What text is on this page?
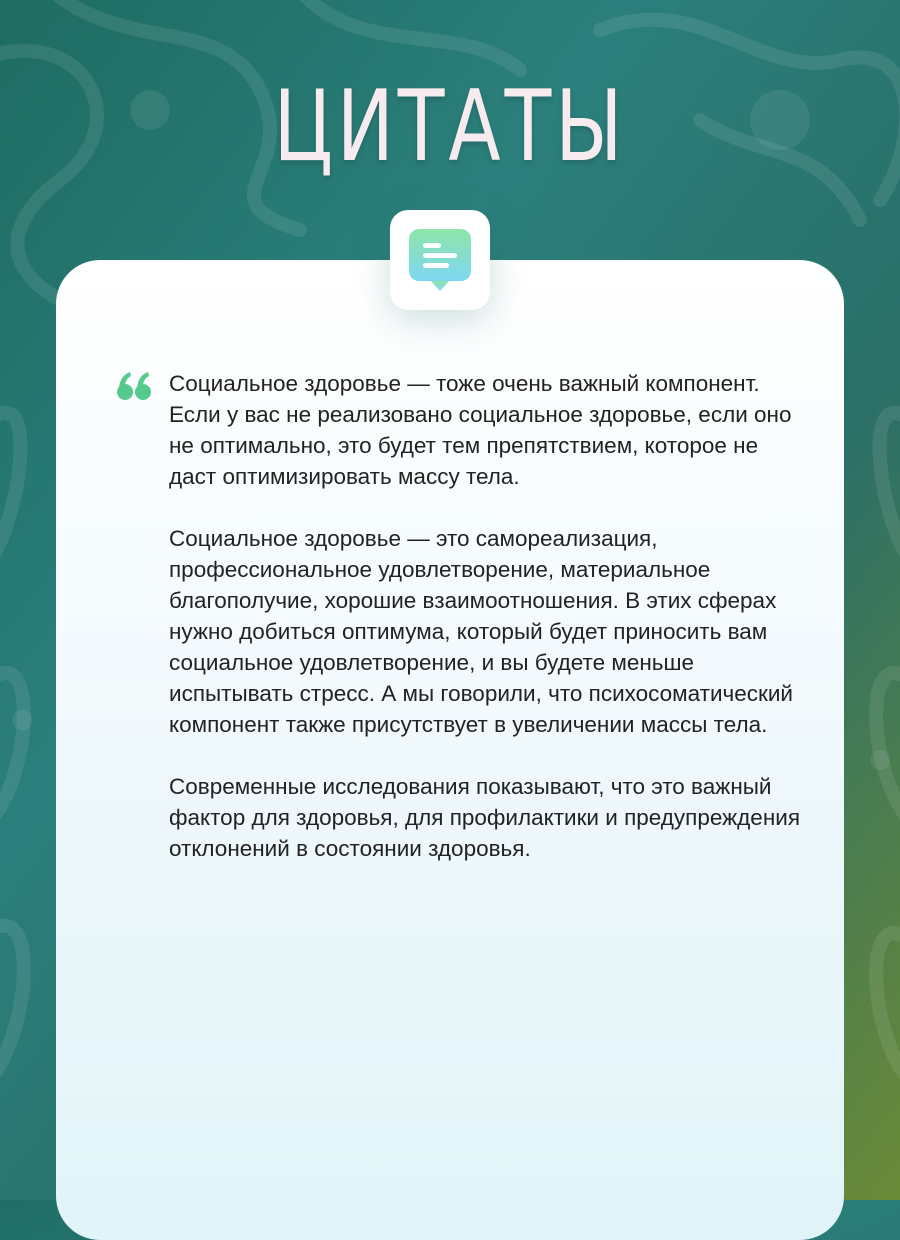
ЦИТАТЫ

Социальное здоровье — тоже очень важный компонент. Если у вас не реализовано социальное здоровье, если оно не оптимально, это будет тем препятствием, которое не даст оптимизировать массу тела.

Социальное здоровье — это самореализация, профессиональное удовлетворение, материальное благополучие, хорошие взаимоотношения. В этих сферах нужно добиться оптимума, который будет приносить вам социальное удовлетворение, и вы будете меньше испытывать стресс. А мы говорили, что психосоматический компонент также присутствует в увеличении массы тела.

Современные исследования показывают, что это важный фактор для здоровья, для профилактики и предупреждения отклонений в состоянии здоровья.
